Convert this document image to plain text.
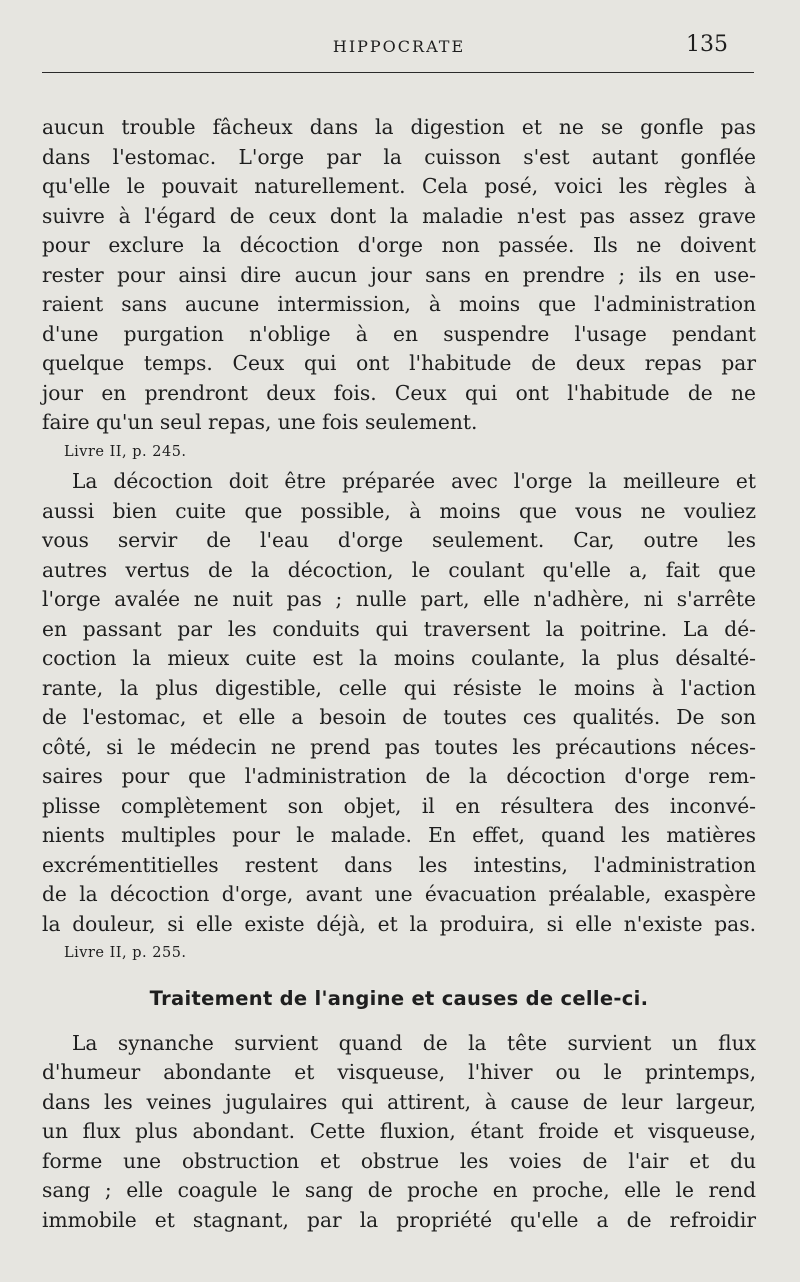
HIPPOCRATE	135
aucun trouble fâcheux dans la digestion et ne se gonfle pas
dans l'estomac. L'orge par la cuisson s'est autant gonflée
qu'elle le pouvait naturellement. Cela posé, voici les règles à
suivre à l'égard de ceux dont la maladie n'est pas assez grave
pour exclure la décoction d'orge non passée. Ils ne doivent
rester pour ainsi dire aucun jour sans en prendre ; ils en use-
raient sans aucune intermission, à moins que l'administration
d'une purgation n'oblige à en suspendre l'usage pendant
quelque temps. Ceux qui ont l'habitude de deux repas par
jour en prendront deux fois. Ceux qui ont l'habitude de ne
faire qu'un seul repas, une fois seulement.
Livre II, p. 245.
La décoction doit être préparée avec l'orge la meilleure et
aussi bien cuite que possible, à moins que vous ne vouliez
vous servir de l'eau d'orge seulement. Car, outre les
autres vertus de la décoction, le coulant qu'elle a, fait que
l'orge avalée ne nuit pas ; nulle part, elle n'adhère, ni s'arrête
en passant par les conduits qui traversent la poitrine. La dé-
coction la mieux cuite est la moins coulante, la plus désalté-
rante, la plus digestible, celle qui résiste le moins à l'action
de l'estomac, et elle a besoin de toutes ces qualités. De son
côté, si le médecin ne prend pas toutes les précautions néces-
saires pour que l'administration de la décoction d'orge rem-
plisse complètement son objet, il en résultera des inconvé-
nients multiples pour le malade. En effet, quand les matières
excrémentitielles restent dans les intestins, l'administration
de la décoction d'orge, avant une évacuation préalable, exaspère
la douleur, si elle existe déjà, et la produira, si elle n'existe pas.
Livre II, p. 255.
Traitement de l'angine et causes de celle-ci.
La synanche survient quand de la tête survient un flux
d'humeur abondante et visqueuse, l'hiver ou le printemps,
dans les veines jugulaires qui attirent, à cause de leur largeur,
un flux plus abondant. Cette fluxion, étant froide et visqueuse,
forme une obstruction et obstrue les voies de l'air et du
sang ; elle coagule le sang de proche en proche, elle le rend
immobile et stagnant, par la propriété qu'elle a de refroidir
